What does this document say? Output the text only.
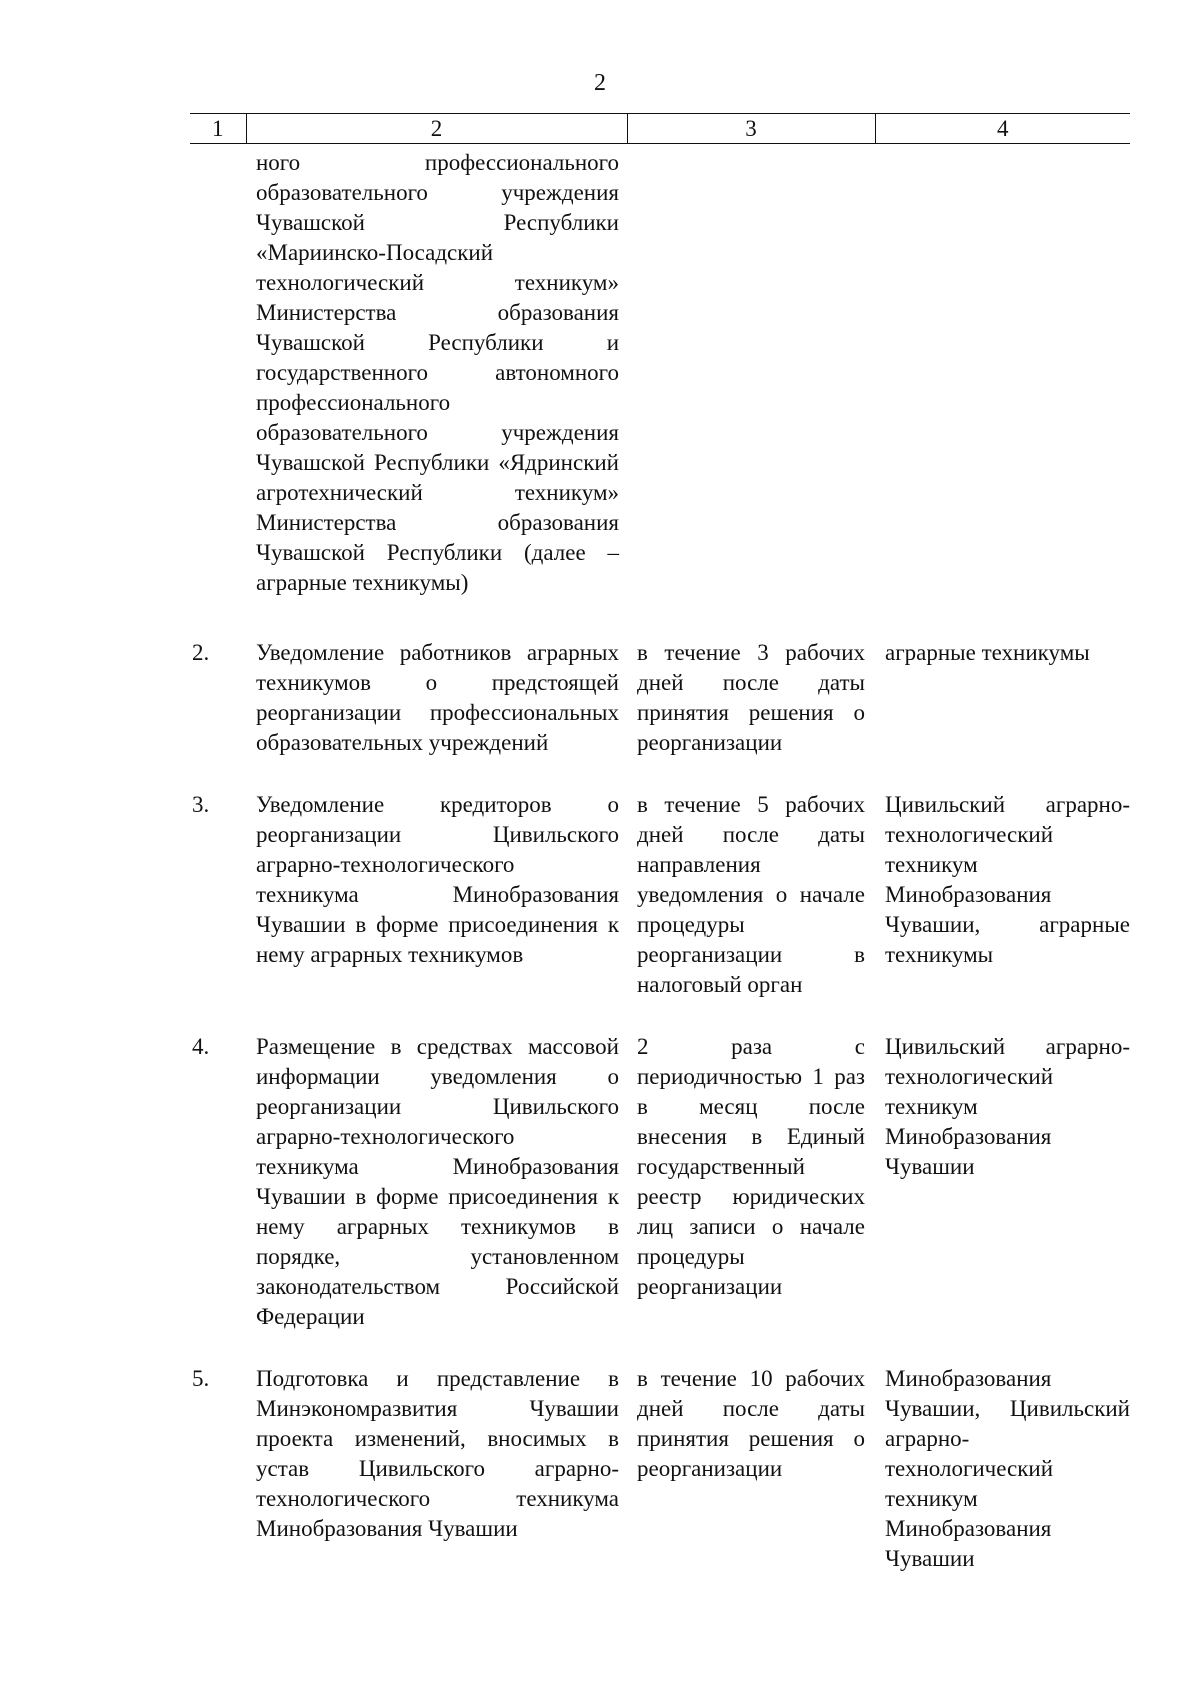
2
1	2	3	4
	ного профессионального образовательного учреждения Чувашской Республики «Мариинско-Посадский технологический техникум» Министерства образования Чувашской Республики и государственного автономного профессионального образовательного учреждения Чувашской Республики «Ядринский агротехнический техникум» Министерства образования Чувашской Республики (далее – аграрные техникумы)		
2.	Уведомление работников аграрных техникумов о предстоящей реорганизации профессиональных образовательных учреждений	в течение 3 рабочих дней после даты принятия решения о реорганизации	аграрные техникумы
3.	Уведомление кредиторов о реорганизации Цивильского аграрно-технологического техникума Минобразования Чувашии в форме присоединения к нему аграрных техникумов	в течение 5 рабочих дней после даты направления уведомления о начале процедуры реорганизации в налоговый орган	Цивильский аграрно-технологический техникум Минобразования Чувашии, аграрные техникумы
4.	Размещение в средствах массовой информации уведомления о реорганизации Цивильского аграрно-технологического техникума Минобразования Чувашии в форме присоединения к нему аграрных техникумов в порядке, установленном законодательством Российской Федерации	2 раза с периодичностью 1 раз в месяц после внесения в Единый государственный реестр юридических лиц записи о начале процедуры реорганизации	Цивильский аграрно-технологический техникум Минобразования Чувашии
5.	Подготовка и представление в Минэкономразвития Чувашии проекта изменений, вносимых в устав Цивильского аграрно-технологического техникума Минобразования Чувашии	в течение 10 рабочих дней после даты принятия решения о реорганизации	Минобразования Чувашии, Цивильский аграрно-технологический техникум Минобразования Чувашии
